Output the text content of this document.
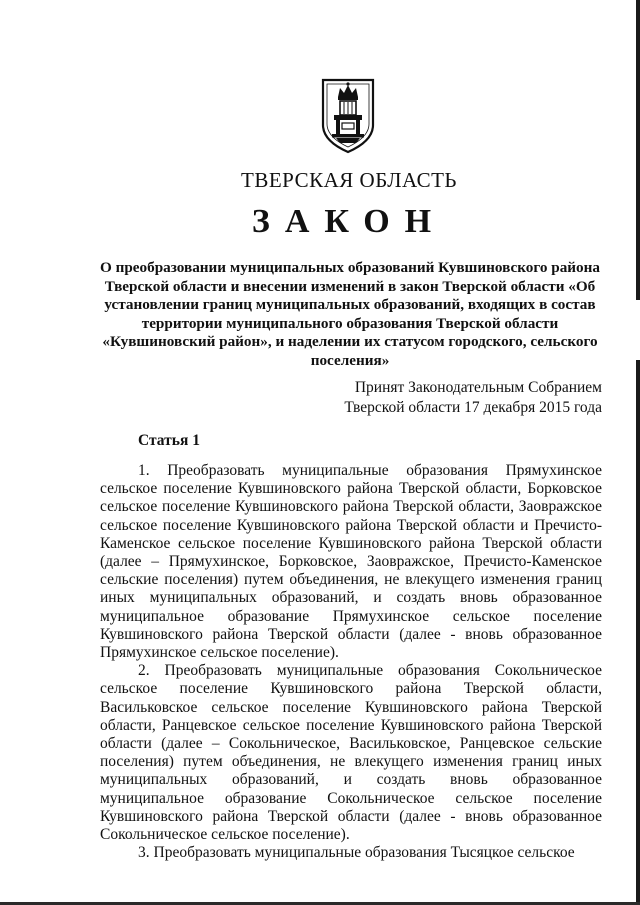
ТВЕРСКАЯ ОБЛАСТЬ
ЗАКОН
О преобразовании муниципальных образований Кувшиновского района Тверской области и внесении изменений в закон Тверской области «Об установлении границ муниципальных образований, входящих в состав территории муниципального образования Тверской области «Кувшиновский район», и наделении их статусом городского, сельского поселения»
Принят Законодательным Собранием
Тверской области 17 декабря 2015 года
Статья 1

1. Преобразовать муниципальные образования Прямухинское сельское поселение Кувшиновского района Тверской области, Борковское сельское поселение Кувшиновского района Тверской области, Заовражское сельское поселение Кувшиновского района Тверской области и Пречисто-Каменское сельское поселение Кувшиновского района Тверской области (далее – Прямухинское, Борковское, Заовражское, Пречисто-Каменское сельские поселения) путем объединения, не влекущего изменения границ иных муниципальных образований, и создать вновь образованное муниципальное образование Прямухинское сельское поселение Кувшиновского района Тверской области (далее - вновь образованное Прямухинское сельское поселение).

2. Преобразовать муниципальные образования Сокольническое сельское поселение Кувшиновского района Тверской области, Васильковское сельское поселение Кувшиновского района Тверской области, Ранцевское сельское поселение Кувшиновского района Тверской области (далее – Сокольническое, Васильковское, Ранцевское сельские поселения) путем объединения, не влекущего изменения границ иных муниципальных образований, и создать вновь образованное муниципальное образование Сокольническое сельское поселение Кувшиновского района Тверской области (далее - вновь образованное Сокольническое сельское поселение).

3. Преобразовать муниципальные образования Тысяцкое сельское
